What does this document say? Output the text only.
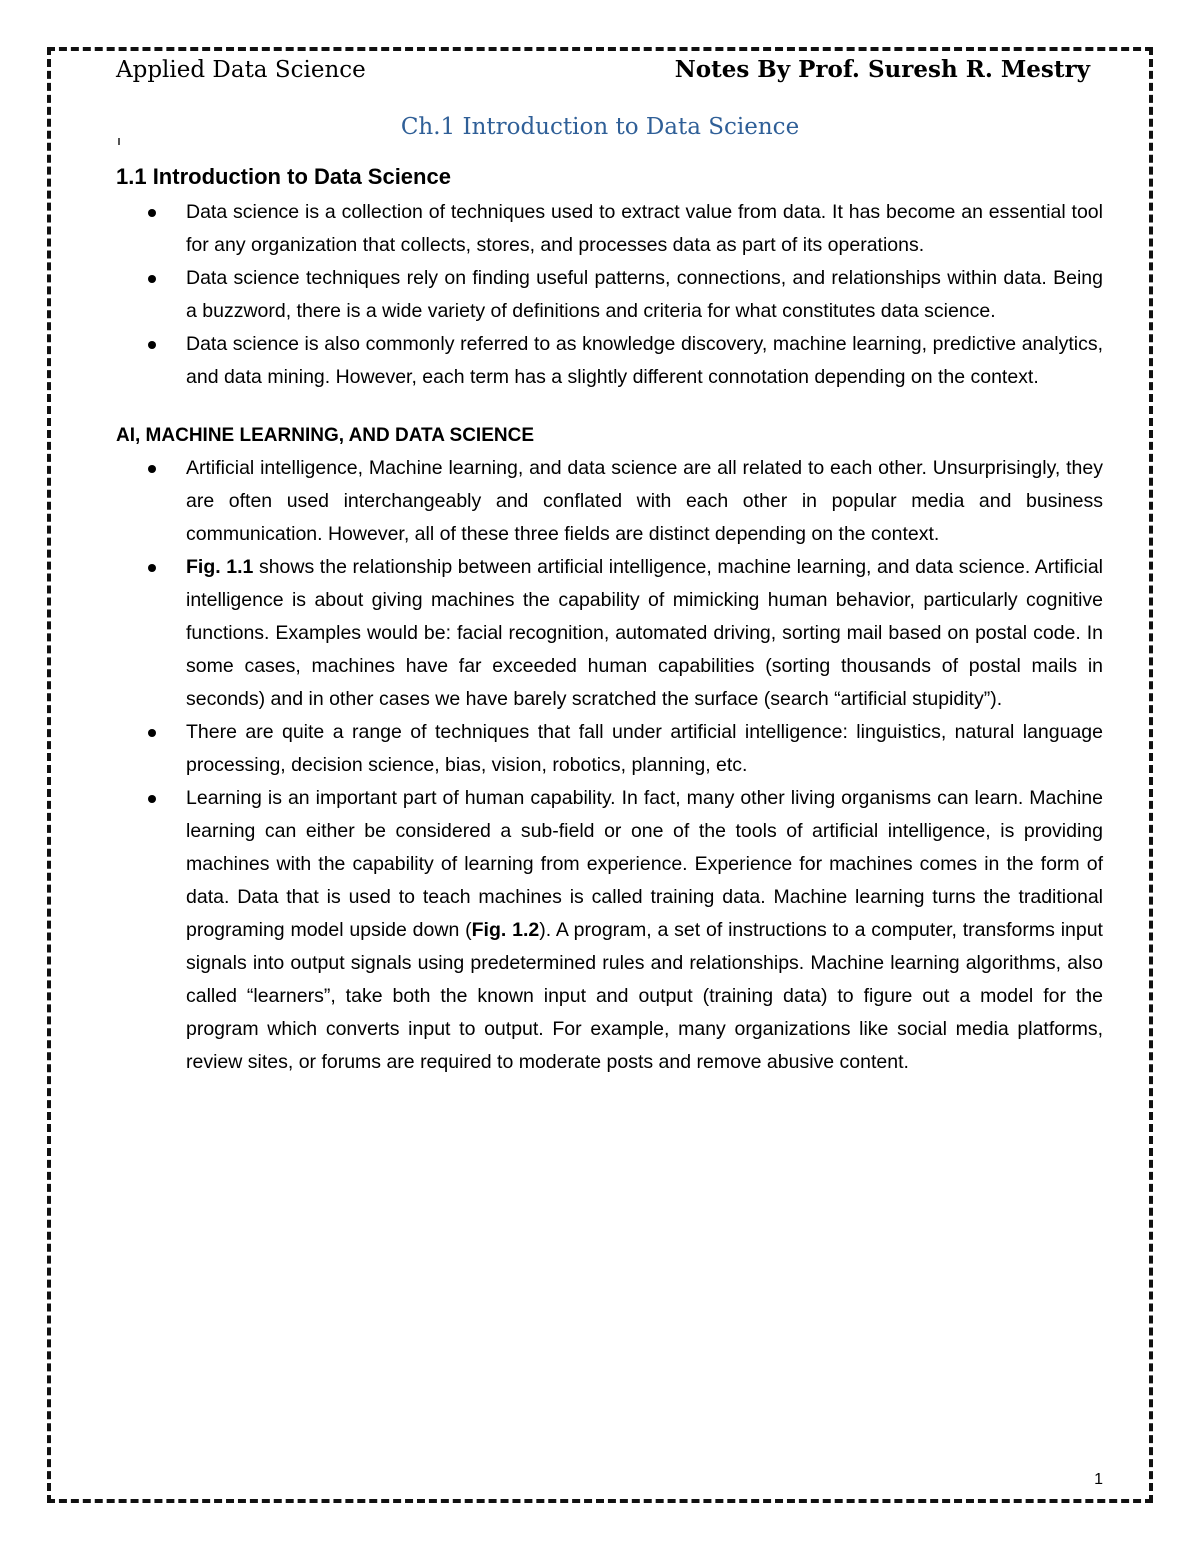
Applied Data Science	Notes By Prof. Suresh R. Mestry
Ch.1 Introduction to Data Science
1.1 Introduction to Data Science
Data science is a collection of techniques used to extract value from data. It has become an essential tool for any organization that collects, stores, and processes data as part of its operations.
Data science techniques rely on finding useful patterns, connections, and relationships within data. Being a buzzword, there is a wide variety of definitions and criteria for what constitutes data science.
Data science is also commonly referred to as knowledge discovery, machine learning, predictive analytics, and data mining. However, each term has a slightly different connotation depending on the context.
AI, MACHINE LEARNING, AND DATA SCIENCE
Artificial intelligence, Machine learning, and data science are all related to each other. Unsurprisingly, they are often used interchangeably and conflated with each other in popular media and business communication. However, all of these three fields are distinct depending on the context.
Fig. 1.1 shows the relationship between artificial intelligence, machine learning, and data science. Artificial intelligence is about giving machines the capability of mimicking human behavior, particularly cognitive functions. Examples would be: facial recognition, automated driving, sorting mail based on postal code. In some cases, machines have far exceeded human capabilities (sorting thousands of postal mails in seconds) and in other cases we have barely scratched the surface (search “artificial stupidity”).
There are quite a range of techniques that fall under artificial intelligence: linguistics, natural language processing, decision science, bias, vision, robotics, planning, etc.
Learning is an important part of human capability. In fact, many other living organisms can learn. Machine learning can either be considered a sub-field or one of the tools of artificial intelligence, is providing machines with the capability of learning from experience. Experience for machines comes in the form of data. Data that is used to teach machines is called training data. Machine learning turns the traditional programing model upside down (Fig. 1.2). A program, a set of instructions to a computer, transforms input signals into output signals using predetermined rules and relationships. Machine learning algorithms, also called “learners”, take both the known input and output (training data) to figure out a model for the program which converts input to output. For example, many organizations like social media platforms, review sites, or forums are required to moderate posts and remove abusive content.
1
